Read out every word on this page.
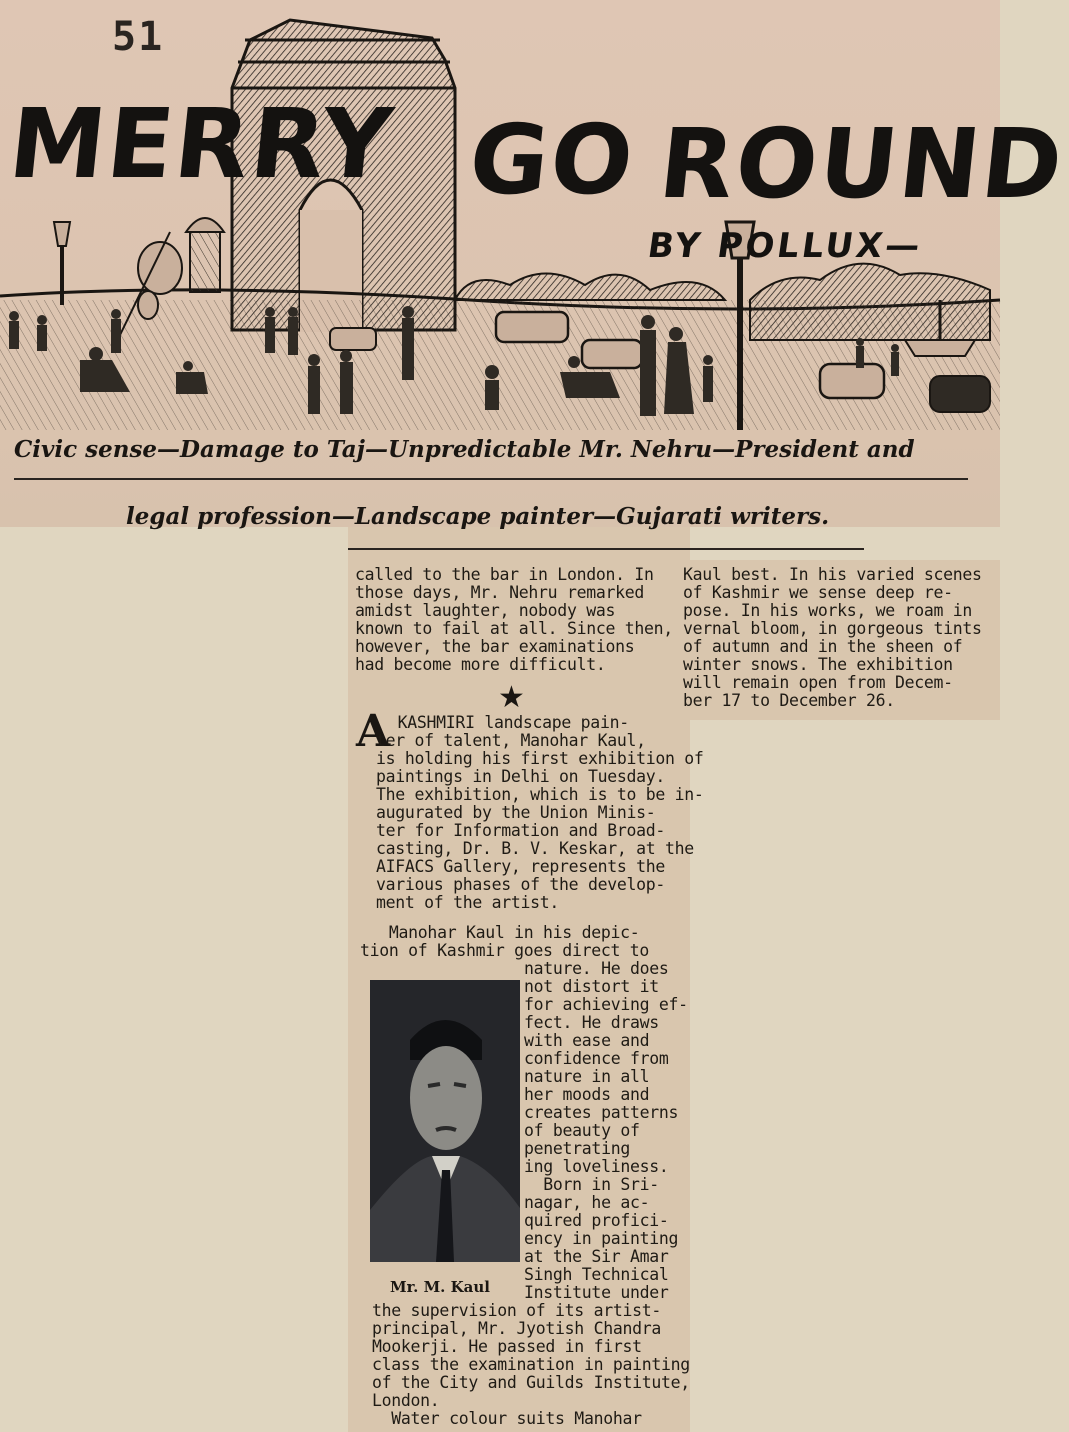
51
MERRY GO ROUND
BY POLLUX—
Civic sense—Damage to Taj—Unpredictable Mr. Nehru—President and
legal profession—Landscape painter—Gujarati writers.
called to the bar in London. In
those days, Mr. Nehru remarked
amidst laughter, nobody was
known to fail at all. Since then,
however, the bar examinations
had become more difficult.
★
A
KASHMIRI landscape pain-
ter of talent, Manohar Kaul,
is holding his first exhibition of
paintings in Delhi on Tuesday.
The exhibition, which is to be in-
augurated by the Union Minis-
ter for Information and Broad-
casting, Dr. B. V. Keskar, at the
AIFACS Gallery, represents the
various phases of the develop-
ment of the artist.
Manohar Kaul in his depic-
tion of Kashmir goes direct to
Mr. M. Kaul
nature. He does
not distort it
for achieving ef-
fect. He draws
with ease and
confidence from
nature in all
her moods and
creates patterns
of beauty of
penetrating
ing loveliness.
Born in Sri-
nagar, he ac-
quired profici-
ency in painting
at the Sir Amar
Singh Technical
Institute under
the supervision of its artist-
principal, Mr. Jyotish Chandra
Mookerji. He passed in first
class the examination in painting
of the City and Guilds Institute,
London.
Water colour suits Manohar
Kaul best. In his varied scenes
of Kashmir we sense deep re-
pose. In his works, we roam in
vernal bloom, in gorgeous tints
of autumn and in the sheen of
winter snows. The exhibition
will remain open from Decem-
ber 17 to December 26.
